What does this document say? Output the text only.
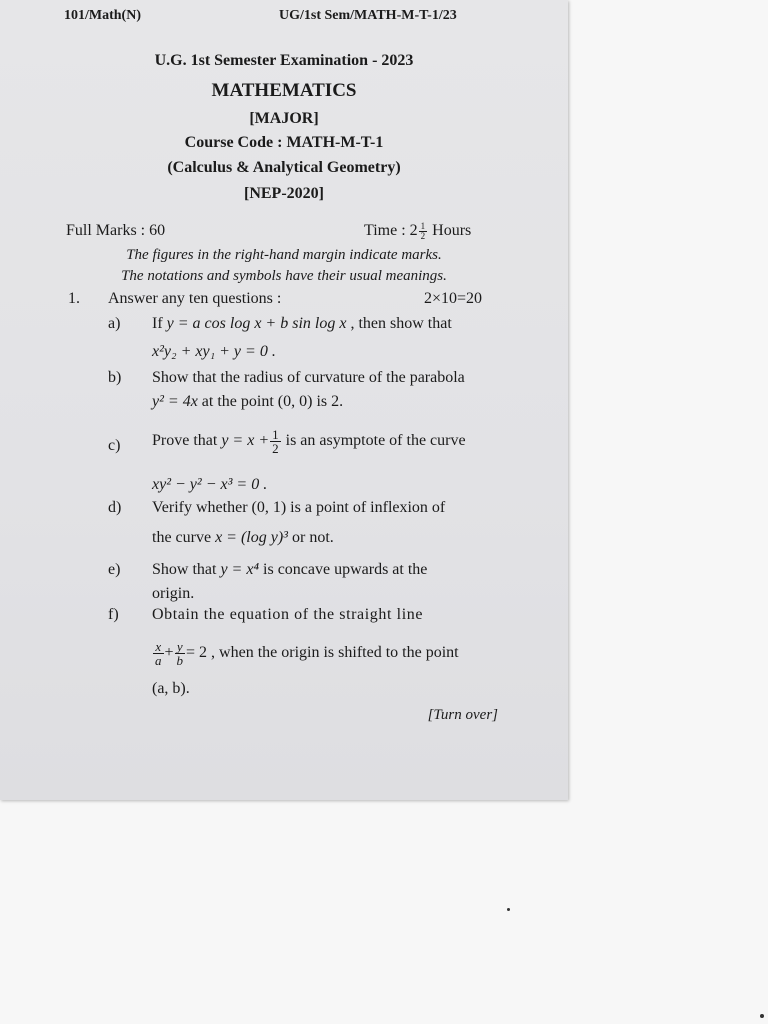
101/Math(N)	UG/1st Sem/MATH-M-T-1/23
U.G. 1st Semester Examination - 2023
MATHEMATICS
[MAJOR]
Course Code : MATH-M-T-1
(Calculus & Analytical Geometry)
[NEP-2020]
Full Marks : 60	Time : $2 \frac{1}{2}$ Hours
The figures in the right-hand margin indicate marks.
The notations and symbols have their usual meanings.
1. Answer any ten questions :	2×10=20
a) If y = a cos log x + b sin log x , then show that
x²y₂ + xy₁ + y = 0 .
b) Show that the radius of curvature of the parabola
y² = 4x at the point (0, 0) is 2.
c) Prove that $y = x + \frac{1}{2}$ is an asymptote of the curve
xy² − y² − x³ = 0 .
d) Verify whether (0, 1) is a point of inflexion of
the curve x = (log y)³ or not.
e) Show that y = x⁴ is concave upwards at the
origin.
f) Obtain the equation of the straight line
$\frac{x}{a} + \frac{y}{b} = 2$ , when the origin is shifted to the point
(a, b).
[Turn over]
